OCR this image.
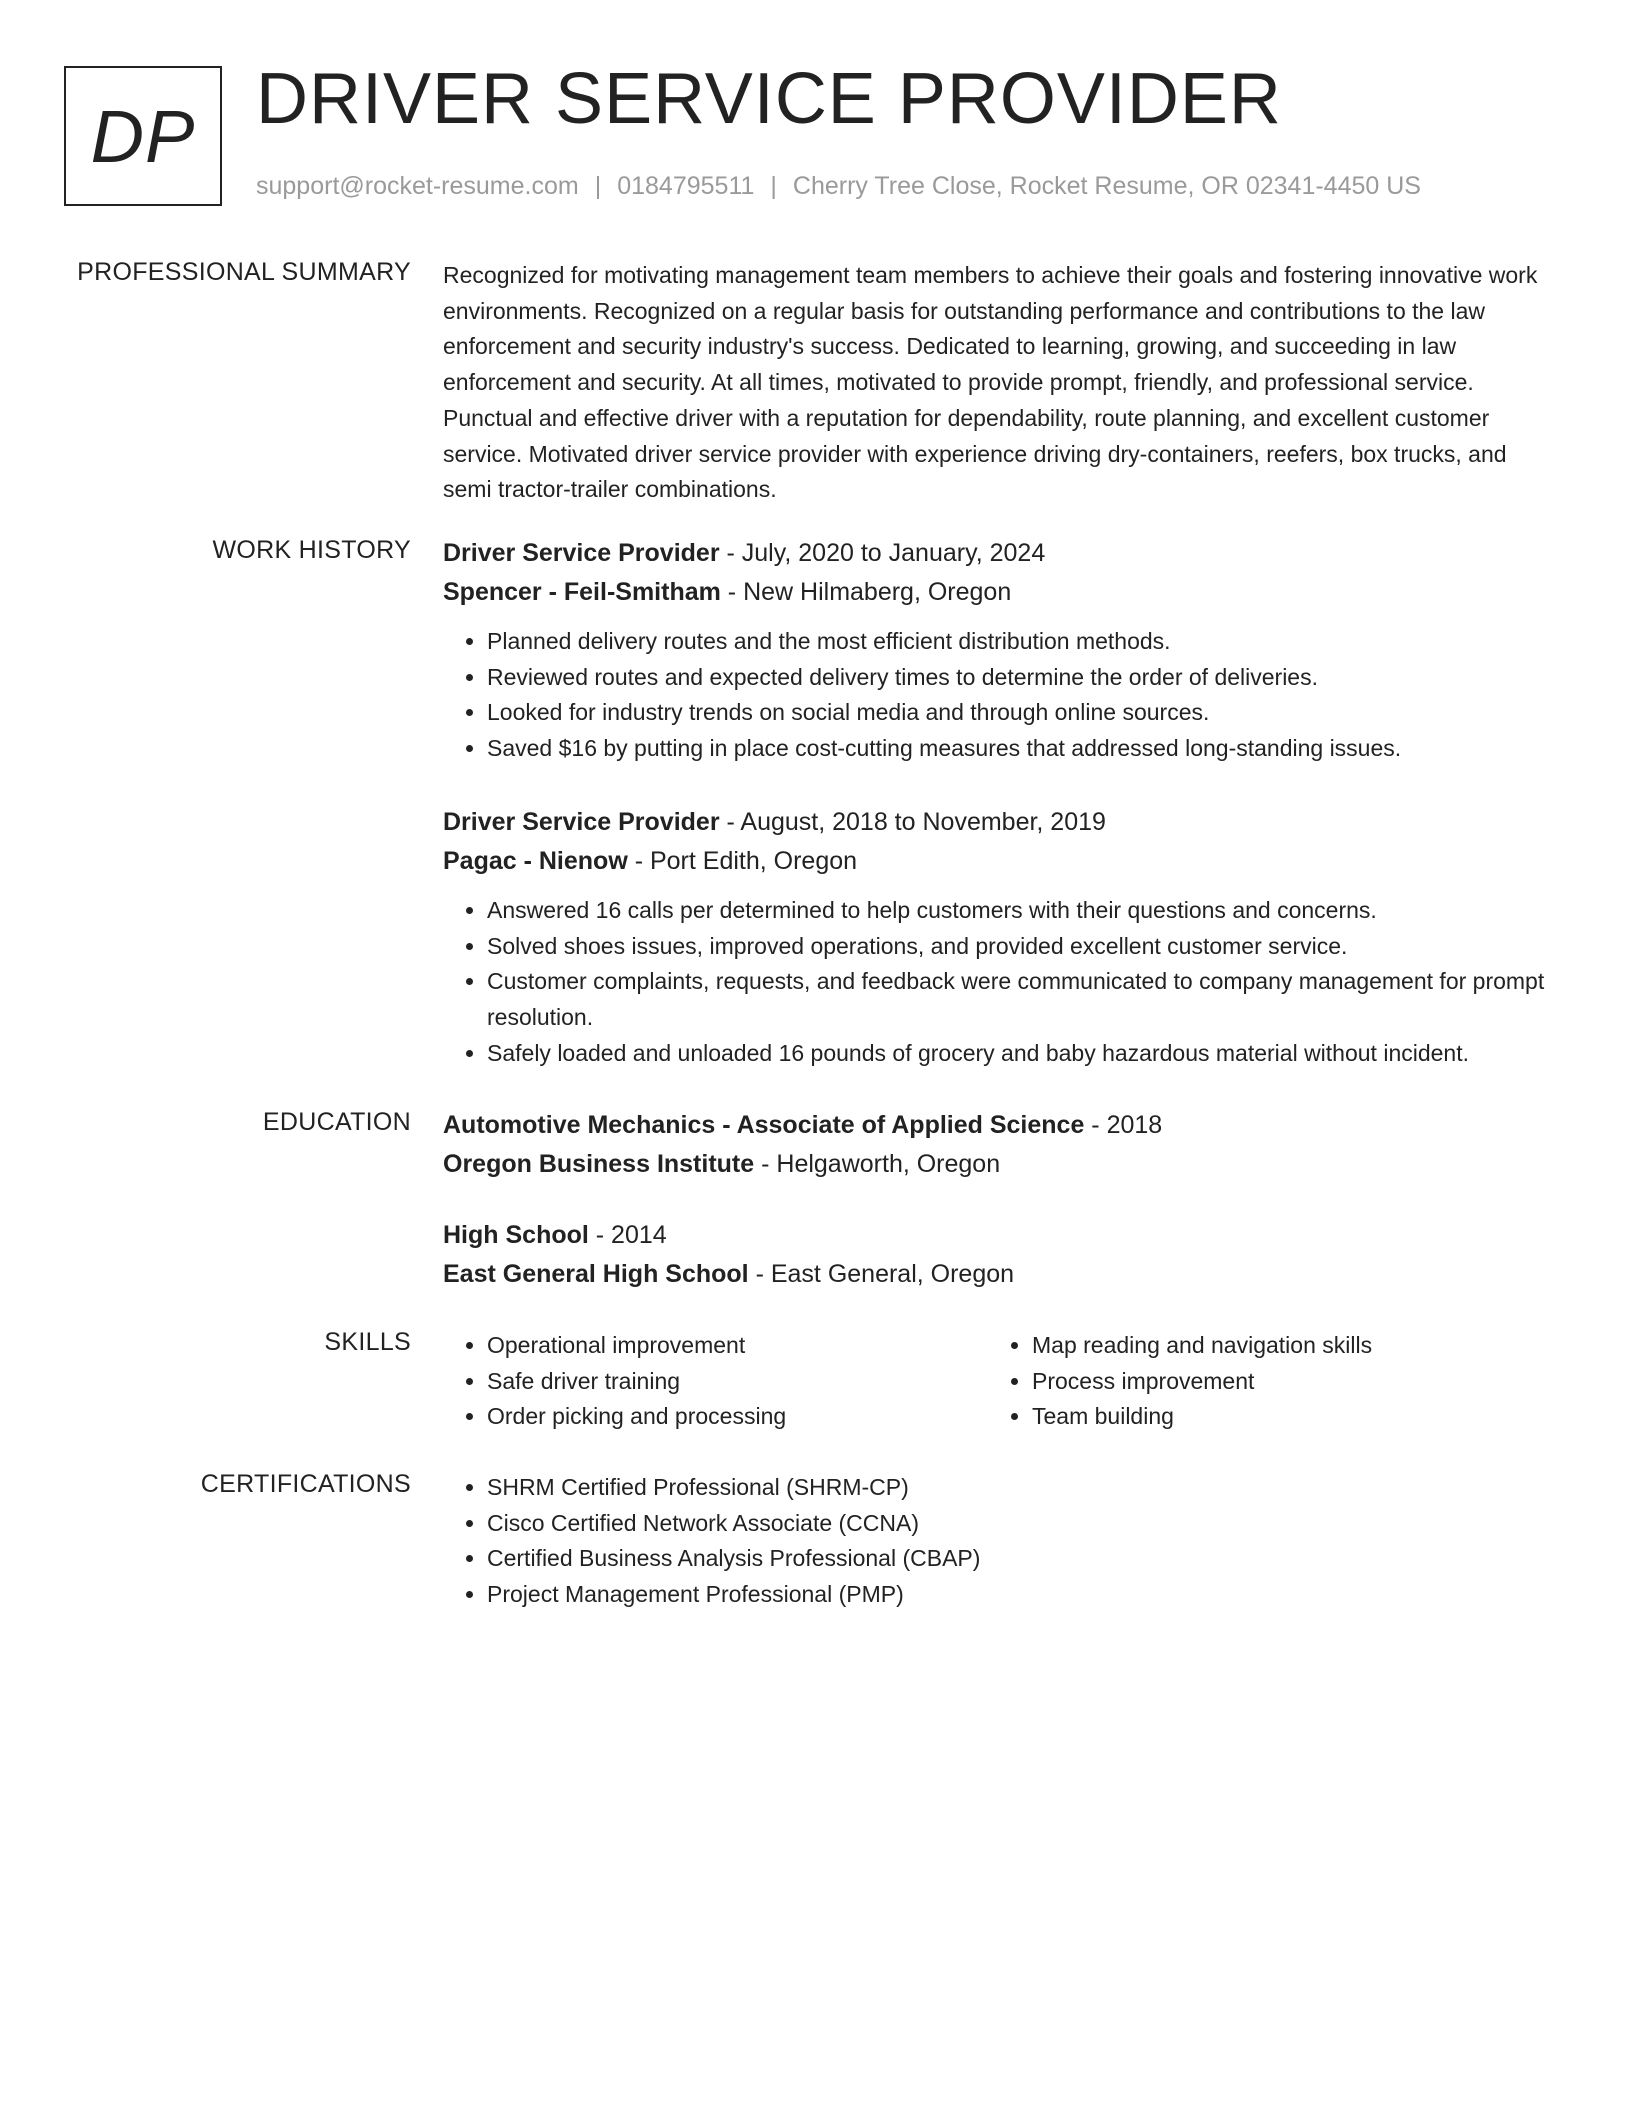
DP DRIVER SERVICE PROVIDER
support@rocket-resume.com | 0184795511 | Cherry Tree Close, Rocket Resume, OR 02341-4450 US
PROFESSIONAL SUMMARY Recognized for motivating management team members to achieve their goals and fostering innovative work environments. Recognized on a regular basis for outstanding performance and contributions to the law enforcement and security industry's success. Dedicated to learning, growing, and succeeding in law enforcement and security. At all times, motivated to provide prompt, friendly, and professional service. Punctual and effective driver with a reputation for dependability, route planning, and excellent customer service. Motivated driver service provider with experience driving dry-containers, reefers, box trucks, and semi tractor-trailer combinations.

WORK HISTORY Driver Service Provider - July, 2020 to January, 2024
Spencer - Feil-Smitham - New Hilmaberg, Oregon
• Planned delivery routes and the most efficient distribution methods.
• Reviewed routes and expected delivery times to determine the order of deliveries.
• Looked for industry trends on social media and through online sources.
• Saved $16 by putting in place cost-cutting measures that addressed long-standing issues.
Driver Service Provider - August, 2018 to November, 2019
Pagac - Nienow - Port Edith, Oregon
• Answered 16 calls per determined to help customers with their questions and concerns.
• Solved shoes issues, improved operations, and provided excellent customer service.
• Customer complaints, requests, and feedback were communicated to company management for prompt resolution.
• Safely loaded and unloaded 16 pounds of grocery and baby hazardous material without incident.
EDUCATION Automotive Mechanics - Associate of Applied Science - 2018
Oregon Business Institute - Helgaworth, Oregon
High School - 2014
East General High School - East General, Oregon
SKILLS	• Operational improvement
• Safe driver training
• Order picking and processing
• Map reading and navigation skills
• Process improvement
• Team building
CERTIFICATIONS	• SHRM Certified Professional (SHRM-CP)
• Cisco Certified Network Associate (CCNA)
• Certified Business Analysis Professional (CBAP)
• Project Management Professional (PMP)
